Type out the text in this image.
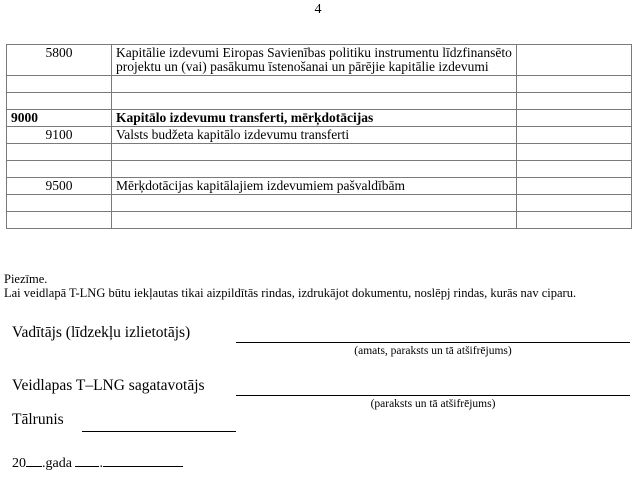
4
5800	Kapitālie izdevumi Eiropas Savienības politiku instrumentu līdzfinansēto projektu un (vai) pasākumu īstenošanai un pārējie kapitālie izdevumi	

9000	Kapitālo izdevumu transferti, mērķdotācijas	
9100	Valsts budžeta kapitālo izdevumu transferti	

9500	Mērķdotācijas kapitālajiem izdevumiem pašvaldībām	

Piezīme.
Lai veidlapā T-LNG būtu iekļautas tikai aizpildītās rindas, izdrukājot dokumentu, noslēpj rindas, kurās nav ciparu.
Vadītājs (līdzekļu izlietotājs)
(amats, paraksts un tā atšifrējums)
Veidlapas T–LNG sagatavotājs
(paraksts un tā atšifrējums)
Tālrunis
20 .gada .
